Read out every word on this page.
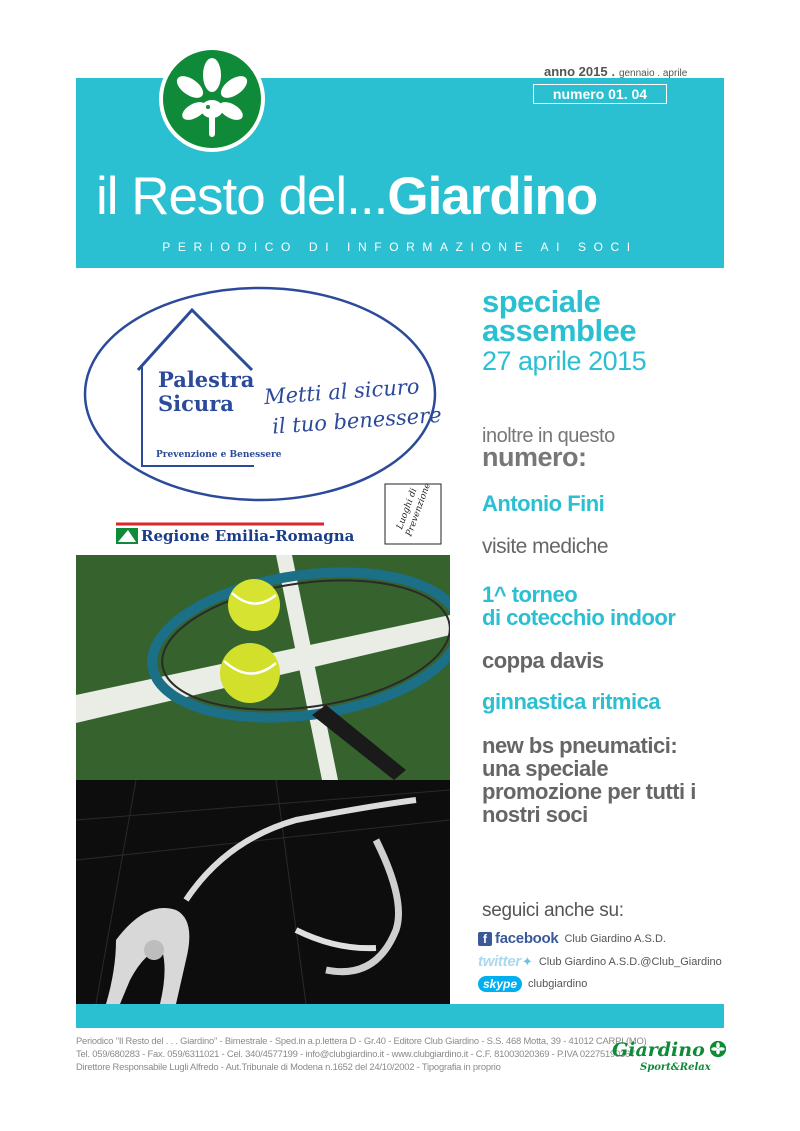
anno 2015 . gennaio . aprile
numero 01. 04
il Resto del...Giardino
PERIODICO DI INFORMAZIONE AI SOCI
Palestra
Sicura
Prevenzione e Benessere
Metti al sicuro
il tuo benessere
Regione Emilia-Romagna
Luoghi di Prevenzione
speciale
assemblee
27 aprile 2015
inoltre in questo
numero:
Antonio Fini
visite mediche
1^ torneo
di cotecchio indoor
coppa davis
ginnastica ritmica
new bs pneumatici:
una speciale
promozione per tutti i
nostri soci
seguici anche su:
f facebook Club Giardino A.S.D.
twitter ✦ Club Giardino A.S.D.@Club_Giardino
skype	clubgiardino
Periodico "Il Resto del . . . Giardino" - Bimestrale - Sped.in a.p.lettera D - Gr.40 - Editore Club Giardino - S.S. 468 Motta, 39 - 41012 CARPI (MO)
Tel. 059/680283 - Fax. 059/6311021 - Cel. 340/4577199 - info@clubgiardino.it - www.clubgiardino.it - C.F. 81003020369 - P.IVA 02275190367
Direttore Responsabile Lugli Alfredo - Aut.Tribunale di Modena n.1652 del 24/10/2002 - Tipografia in proprio
Giardino
Sport&Relax
